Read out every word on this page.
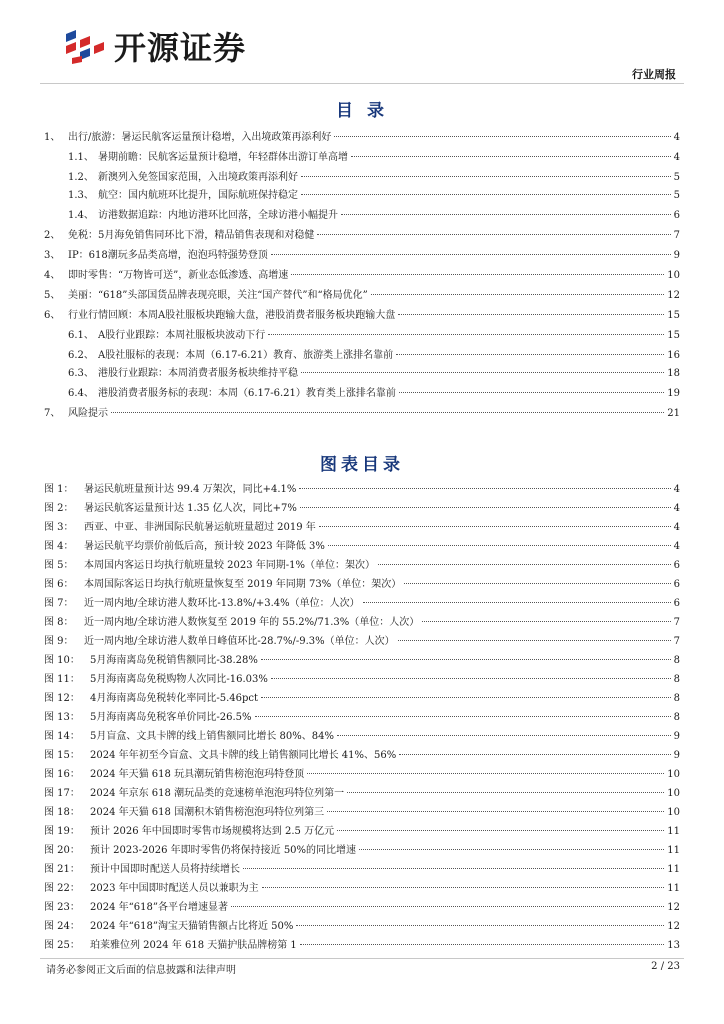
开源证券
行业周报
目 录
1、 出行/旅游：暑运民航客运量预计稳增，入出境政策再添利好	4
1.1、 暑期前瞻：民航客运量预计稳增，年轻群体出游订单高增	4
1.2、 新澳列入免签国家范围，入出境政策再添利好	5
1.3、 航空：国内航班环比提升，国际航班保持稳定	5
1.4、 访港数据追踪：内地访港环比回落，全球访港小幅提升	6
2、 免税：5月海免销售同环比下滑，精品销售表现和对稳健	7
3、 IP：618潮玩多品类高增，泡泡玛特强势登顶	9
4、 即时零售：“万物皆可送”，新业态低渗透、高增速	10
5、 美丽：“618”头部国货品牌表现亮眼，关注“国产替代”和“格局优化”	12
6、 行业行情回顾：本周A股社服板块跑输大盘，港股消费者服务板块跑输大盘	15
6.1、 A股行业跟踪：本周社服板块波动下行	15
6.2、 A股社服标的表现：本周（6.17-6.21）教育、旅游类上涨排名靠前	16
6.3、 港股行业跟踪：本周消费者服务板块维持平稳	18
6.4、 港股消费者服务标的表现：本周（6.17-6.21）教育类上涨排名靠前	19
7、 风险提示	21
图表目录
图 1：	暑运民航班量预计达 99.4 万架次，同比+4.1%	4
图 2：	暑运民航客运量预计达 1.35 亿人次，同比+7%	4
图 3：	西亚、中亚、非洲国际民航暑运航班量超过 2019 年	4
图 4：	暑运民航平均票价前低后高，预计较 2023 年降低 3%	4
图 5：	本周国内客运日均执行航班量较 2023 年同期-1%（单位：架次）	6
图 6：	本周国际客运日均执行航班量恢复至 2019 年同期 73%（单位：架次）	6
图 7：	近一周内地/全球访港人数环比-13.8%/+3.4%（单位：人次）	6
图 8：	近一周内地/全球访港人数恢复至 2019 年的 55.2%/71.3%（单位：人次）	7
图 9：	近一周内地/全球访港人数单日峰值环比-28.7%/-9.3%（单位：人次）	7
图 10：	5月海南离岛免税销售额同比-38.28%	8
图 11：	5月海南离岛免税购物人次同比-16.03%	8
图 12：	4月海南离岛免税转化率同比-5.46pct	8
图 13：	5月海南离岛免税客单价同比-26.5%	8
图 14：	5月盲盒、文具卡牌的线上销售额同比增长 80%、84%	9
图 15：	2024 年年初至今盲盒、文具卡牌的线上销售额同比增长 41%、56%	9
图 16：	2024 年天猫 618 玩具潮玩销售榜泡泡玛特登顶	10
图 17：	2024 年京东 618 潮玩品类的竞速榜单泡泡玛特位列第一	10
图 18：	2024 年天猫 618 国潮积木销售榜泡泡玛特位列第三	10
图 19：	预计 2026 年中国即时零售市场规模将达到 2.5 万亿元	11
图 20：	预计 2023-2026 年即时零售仍将保持接近 50%的同比增速	11
图 21：	预计中国即时配送人员将持续增长	11
图 22：	2023 年中国即时配送人员以兼职为主	11
图 23：	2024 年“618”各平台增速显著	12
图 24：	2024 年“618”淘宝天猫销售额占比将近 50%	12
图 25：	珀莱雅位列 2024 年 618 天猫护肤品牌榜第 1	13
请务必参阅正文后面的信息披露和法律声明	2 / 23
